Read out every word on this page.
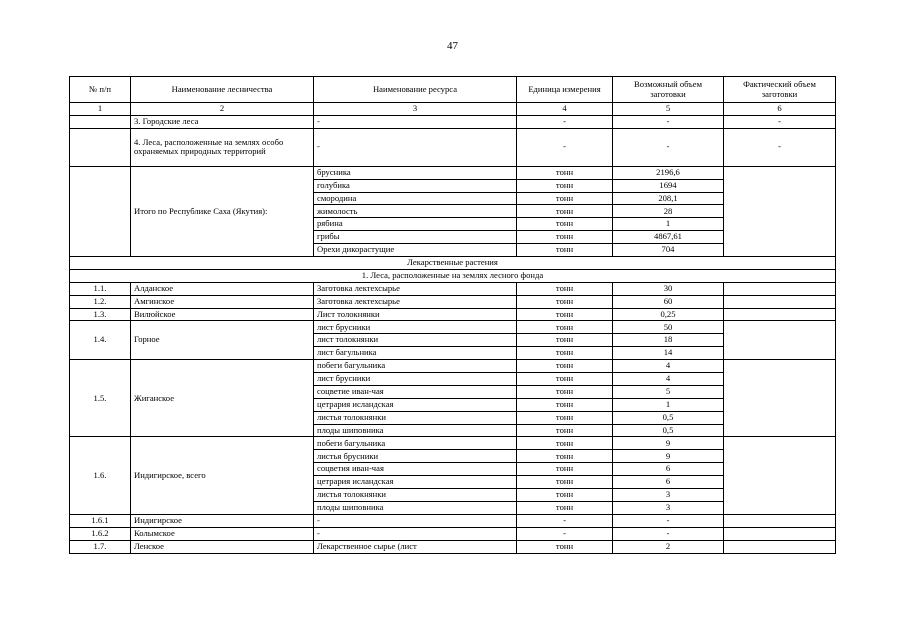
47
№ п/п	Наименование лесничества	Наименование ресурса	Единица измерения	Возможный объем заготовки	Фактический объем заготовки
1	2	3	4	5	6
	3. Городские леса	-	-	-	-
	4. Леса, расположенные на землях особо охраняемых природных территорий	-	-	-	-
	Итого по Республике Саха (Якутия):	брусника	тонн	2196,6	
		голубика	тонн	1694	
		смородина	тонн	208,1	
		жимолость	тонн	28	
		рябина	тонн	1	
		грибы	тонн	4867,61	
		Орехи дикорастущие	тонн	704	
Лекарственные растения					
1. Леса, расположенные на землях лесного фонда					
1.1.	Алданское	Заготовка лектехсырье	тонн	30	
1.2.	Амгинское	Заготовка лектехсырье	тонн	60	
1.3.	Вилюйское	Лист толокнянки	тонн	0,25	
1.4.	Горное	лист брусники	тонн	50	
		лист толокнянки	тонн	18	
		лист багульника	тонн	14	
1.5.	Жиганское	побеги багульника	тонн	4	
		лист брусники	тонн	4	
		соцветие иван-чая	тонн	5	
		цетрария исландская	тонн	1	
		листья толокнянки	тонн	0,5	
		плоды шиповника	тонн	0,5	
1.6.	Индигирское, всего	побеги багульника	тонн	9	
		листья брусники	тонн	9	
		соцветия иван-чая	тонн	6	
		цетрария исландская	тонн	6	
		листья толокнянки	тонн	3	
		плоды шиповника	тонн	3	
1.6.1	Индигирское	-	-	-	
1.6.2	Колымское	-	-	-	
1.7.	Ленское	Лекарственное сырье (лист	тонн	2	
